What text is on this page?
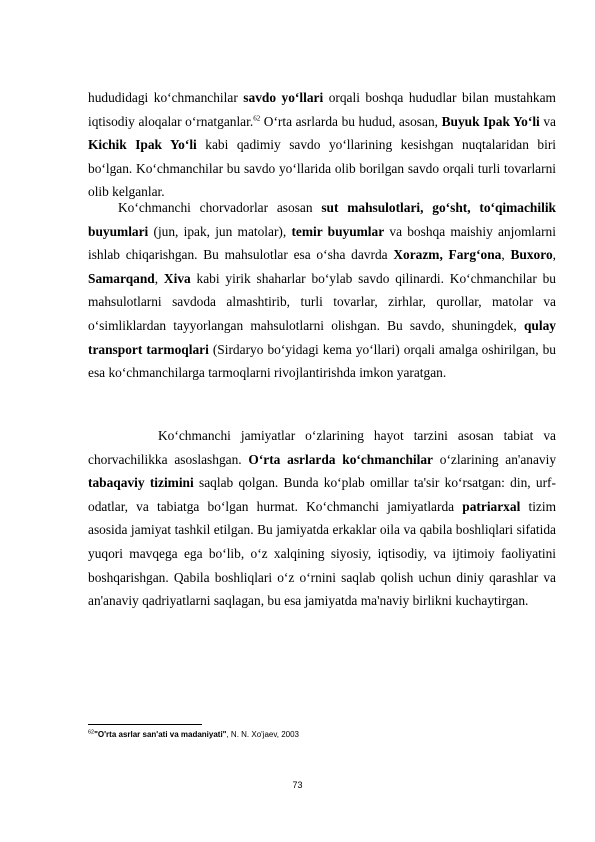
hududidagi ko‘chmanchilar savdo yo‘llari orqali boshqa hududlar bilan mustahkam iqtisodiy aloqalar o‘rnatganlar.$^{62}$ O‘rta asrlarda bu hudud, asosan, Buyuk Ipak Yo‘li va Kichik Ipak Yo‘li kabi qadimiy savdo yo‘llarining kesishgan nuqtalaridan biri bo‘lgan. Ko‘chmanchilar bu savdo yo‘llarida olib borilgan savdo orqali turli tovarlarni olib kelganlar.

Ko‘chmanchi chorvadorlar asosan sut mahsulotlari, go‘sht, to‘qimachilik buyumlari (jun, ipak, jun matolar), temir buyumlar va boshqa maishiy anjomlarni ishlab chiqarishgan. Bu mahsulotlar esa o‘sha davrda Xorazm, Farg‘ona, Buxoro, Samarqand, Xiva kabi yirik shaharlar bo‘ylab savdo qilinardi. Ko‘chmanchilar bu mahsulotlarni savdoda almashtirib, turli tovarlar, zirhlar, qurollar, matolar va o‘simliklardan tayyorlangan mahsulotlarni olishgan. Bu savdo, shuningdek, qulay transport tarmoqlari (Sirdaryo bo‘yidagi kema yo‘llari) orqali amalga oshirilgan, bu esa ko‘chmanchilarga tarmoqlarni rivojlantirishda imkon yaratgan.

Ko‘chmanchi jamiyatlar o‘zlarining hayot tarzini asosan tabiat va chorvachilikka asoslashgan. O‘rta asrlarda ko‘chmanchilar o‘zlarining an'anaviy tabaqaviy tizimini saqlab qolgan. Bunda ko‘plab omillar ta'sir ko‘rsatgan: din, urf-odatlar, va tabiatga bo‘lgan hurmat. Ko‘chmanchi jamiyatlarda patriarxal tizim asosida jamiyat tashkil etilgan. Bu jamiyatda erkaklar oila va qabila boshliqlari sifatida yuqori mavqega ega bo‘lib, o‘z xalqining siyosiy, iqtisodiy, va ijtimoiy faoliyatini boshqarishgan. Qabila boshliqlari o‘z o‘rnini saqlab qolish uchun diniy qarashlar va an'anaviy qadriyatlarni saqlagan, bu esa jamiyatda ma'naviy birlikni kuchaytirgan.

$^{62}$"O'rta asrlar san'ati va madaniyati", N. N. Xo'jaev, 2003

73
